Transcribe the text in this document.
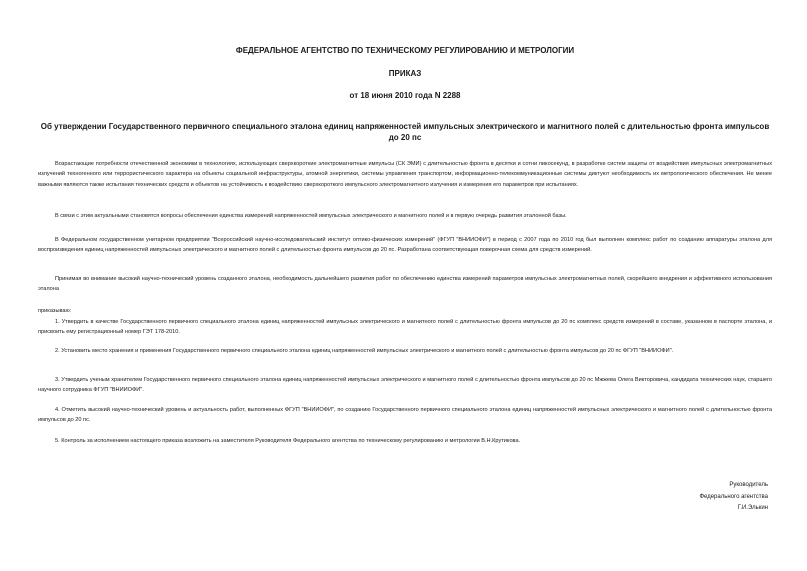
ФЕДЕРАЛЬНОЕ АГЕНТСТВО ПО ТЕХНИЧЕСКОМУ РЕГУЛИРОВАНИЮ И МЕТРОЛОГИИ
ПРИКАЗ
от 18 июня 2010 года N 2288
Об утверждении Государственного первичного специального эталона единиц напряженностей импульсных электрического и магнитного полей с длительностью фронта импульсов до 20 пс
Возрастающие потребности отечественной экономики в технологиях, использующих сверхкороткие электромагнитные импульсы (СК ЭМИ) с длительностью фронта в десятки и сотни пикосекунд, в разработке систем защиты от воздействия импульсных электромагнитных излучений техногенного или террористического характера на объекты социальной инфраструктуры, атомной энергетики, системы управления транспортом, информационно-телекоммуникационные системы диктуют необходимость их метрологического обеспечения. Не менее важными являются также испытания технических средств и объектов на устойчивость к воздействию сверхкороткого импульсного электромагнитного излучения и измерения его параметров при испытаниях.
В связи с этим актуальными становятся вопросы обеспечения единства измерений напряженностей импульсных электрического и магнитного полей и в первую очередь развития эталонной базы.
В Федеральном государственном унитарном предприятии "Всероссийский научно-исследовательский институт оптико-физических измерений" (ФГУП "ВНИИОФИ") в период с 2007 года по 2010 год был выполнен комплекс работ по созданию аппаратуры эталона для воспроизведения единиц напряженностей импульсных электрического и магнитного полей с длительностью фронта импульсов до 20 пс. Разработана соответствующая поверочная схема для средств измерений.
Принимая во внимание высокий научно-технический уровень созданного эталона, необходимость дальнейшего развития работ по обеспечению единства измерений параметров импульсных электромагнитных полей, скорейшего внедрения и эффективного использования эталона
приказываю:
1. Утвердить в качестве Государственного первичного специального эталона единиц напряженностей импульсных электрического и магнитного полей с длительностью фронта импульсов до 20 пс комплекс средств измерений в составе, указанном в паспорте эталона, и присвоить ему регистрационный номер ГЭТ 178-2010.
2. Установить место хранения и применения Государственного первичного специального эталона единиц напряженностей импульсных электрического и магнитного полей с длительностью фронта импульсов до 20 пс ФГУП "ВНИИОФИ".
3. Утвердить ученым хранителем Государственного первичного специального эталона единиц напряженностей импульсных электрического и магнитного полей с длительностью фронта импульсов до 20 пс Мжжева Олега Викторовича, кандидата технических наук, старшего научного сотрудника ФГУП "ВНИИОФИ".
4. Отметить высокий научно-технический уровень и актуальность работ, выполненных ФГУП "ВНИИОФИ", по созданию Государственного первичного специального эталона единиц напряженностей импульсных электрического и магнитного полей с длительностью фронта импульсов до 20 пс.
5. Контроль за исполнением настоящего приказа возложить на заместителя Руководителя Федерального агентства по техническому регулированию и метрологии В.Н.Крутикова.
Руководитель
Федерального агентства
Г.И.Элькин
